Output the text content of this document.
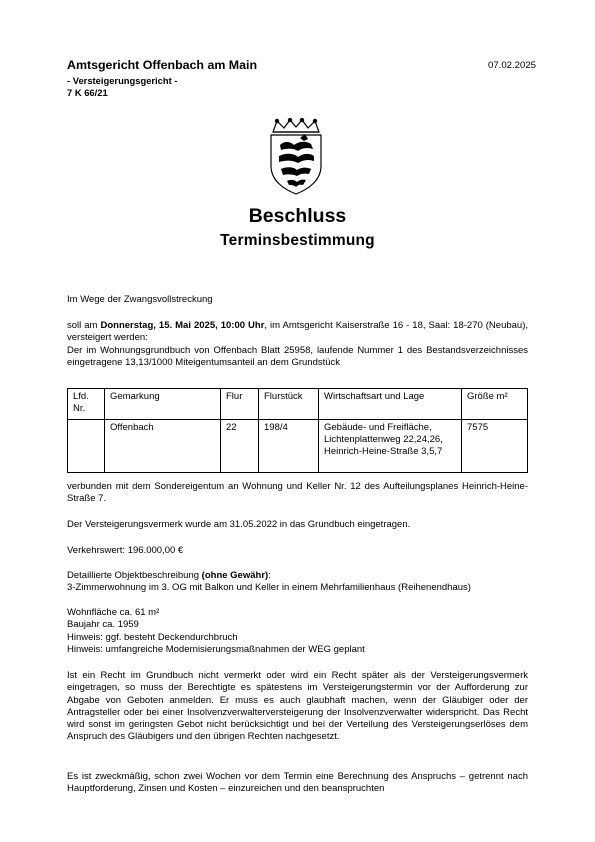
Amtsgericht Offenbach am Main
- Versteigerungsgericht -
7 K 66/21
07.02.2025
Beschluss
Terminsbestimmung
Im Wege der Zwangsvollstreckung
soll am Donnerstag, 15. Mai 2025, 10:00 Uhr, im Amtsgericht Kaiserstraße 16 - 18, Saal: 18-270 (Neubau), versteigert werden:
Der im Wohnungsgrundbuch von Offenbach Blatt 25958, laufende Nummer 1 des Bestandsverzeichnisses eingetragene 13,13/1000 Miteigentumsanteil an dem Grundstück
Lfd. Nr.	Gemarkung	Flur	Flurstück	Wirtschaftsart und Lage	Größe m²
	Offenbach	22	198/4	Gebäude- und Freifläche, Lichtenplattenweg 22,24,26, Heinrich-Heine-Straße 3,5,7	7575
verbunden mit dem Sondereigentum an Wohnung und Keller Nr. 12 des Aufteilungsplanes Heinrich-Heine-Straße 7.
Der Versteigerungsvermerk wurde am 31.05.2022 in das Grundbuch eingetragen.
Verkehrswert: 196.000,00 €
Detaillierte Objektbeschreibung (ohne Gewähr):
3-Zimmerwohnung im 3. OG mit Balkon und Keller in einem Mehrfamilienhaus (Reihenendhaus)
Wohnfläche ca. 61 m²
Baujahr ca. 1959
Hinweis: ggf. besteht Deckendurchbruch
Hinweis: umfangreiche Modernisierungsmaßnahmen der WEG geplant
Ist ein Recht im Grundbuch nicht vermerkt oder wird ein Recht später als der Versteigerungsvermerk eingetragen, so muss der Berechtigte es spätestens im Versteigerungstermin vor der Aufforderung zur Abgabe von Geboten anmelden. Er muss es auch glaubhaft machen, wenn der Gläubiger oder der Antragsteller oder bei einer Insolvenzverwalterversteigerung der Insolvenzverwalter widerspricht. Das Recht wird sonst im geringsten Gebot nicht berücksichtigt und bei der Verteilung des Versteigerungserlöses dem Anspruch des Gläubigers und den übrigen Rechten nachgesetzt.
Es ist zweckmäßig, schon zwei Wochen vor dem Termin eine Berechnung des Anspruchs – getrennt nach Hauptforderung, Zinsen und Kosten – einzureichen und den beanspruchten
